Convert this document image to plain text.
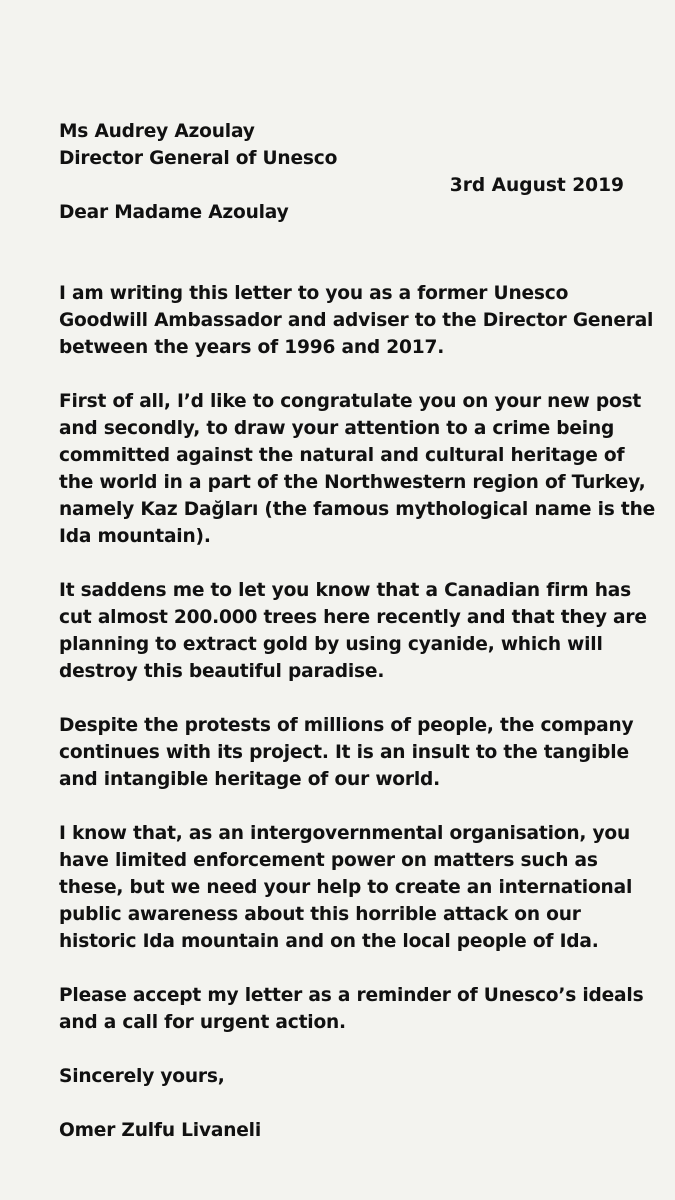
Ms Audrey Azoulay

Director General of Unesco

Dear Madame Azoulay

I am writing this letter to you as a former Unesco
Goodwill Ambassador and adviser to the Director General
between the years of 1996 and 2017.

First of all, I’d like to congratulate you on your new post
and secondly, to draw your attention to a crime being
committed against the natural and cultural heritage of
the world in a part of the Northwestern region of Turkey,
namely Kaz Dağları (the famous mythological name is the
Ida mountain).

It saddens me to let you know that a Canadian firm has
cut almost 200.000 trees here recently and that they are
planning to extract gold by using cyanide, which will
destroy this beautiful paradise.

Despite the protests of millions of people, the company
continues with its project. It is an insult to the tangible
and intangible heritage of our world.

I know that, as an intergovernmental organisation, you
have limited enforcement power on matters such as
these, but we need your help to create an international
public awareness about this horrible attack on our
historic Ida mountain and on the local people of Ida.

Please accept my letter as a reminder of Unesco’s ideals
and a call for urgent action.

Sincerely yours,

Omer Zulfu Livaneli

3rd August 2019
